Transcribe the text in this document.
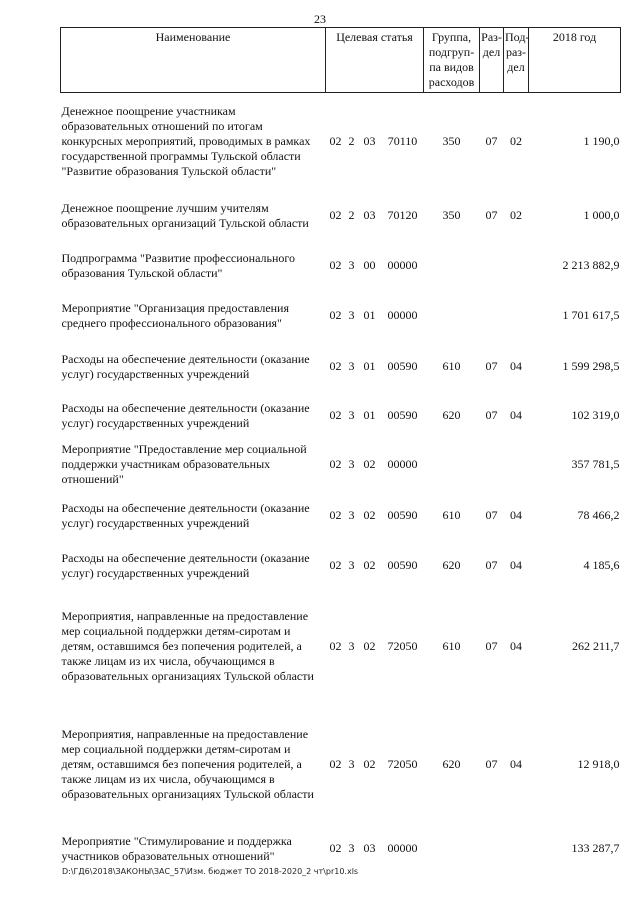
23
Наименование	Целевая статья				Группа, подгруп-па видов расходов	Раз-дел	Под-раз-дел	2018 год
Денежное поощрение участникам образовательных отношений по итогам конкурсных мероприятий, проводимых в рамках государственной программы Тульской области "Развитие образования Тульской области"	02	2	03	70110	350	07	02	1 190,0
Денежное поощрение лучшим учителям образовательных организаций Тульской области	02	2	03	70120	350	07	02	1 000,0
Подпрограмма "Развитие профессионального образования Тульской области"	02	3	00	00000				2 213 882,9
Мероприятие "Организация предоставления среднего профессионального образования"	02	3	01	00000				1 701 617,5
Расходы на обеспечение деятельности (оказание услуг) государственных учреждений	02	3	01	00590	610	07	04	1 599 298,5
Расходы на обеспечение деятельности (оказание услуг) государственных учреждений	02	3	01	00590	620	07	04	102 319,0
Мероприятие "Предоставление мер социальной поддержки участникам образовательных отношений"	02	3	02	00000				357 781,5
Расходы на обеспечение деятельности (оказание услуг) государственных учреждений	02	3	02	00590	610	07	04	78 466,2
Расходы на обеспечение деятельности (оказание услуг) государственных учреждений	02	3	02	00590	620	07	04	4 185,6
Мероприятия, направленные на предоставление мер социальной поддержки детям-сиротам и детям, оставшимся без попечения родителей, а также лицам из их числа, обучающимся в образовательных организациях Тульской области	02	3	02	72050	610	07	04	262 211,7
Мероприятия, направленные на предоставление мер социальной поддержки детям-сиротам и детям, оставшимся без попечения родителей, а также лицам из их числа, обучающимся в образовательных организациях Тульской области	02	3	02	72050	620	07	04	12 918,0
Мероприятие "Стимулирование и поддержка участников образовательных отношений"	02	3	03	00000				133 287,7
D:\ГД6\2018\ЗАКОНЫ\ЗАС_57\Изм. бюджет ТО 2018-2020_2 чт\pr10.xls
